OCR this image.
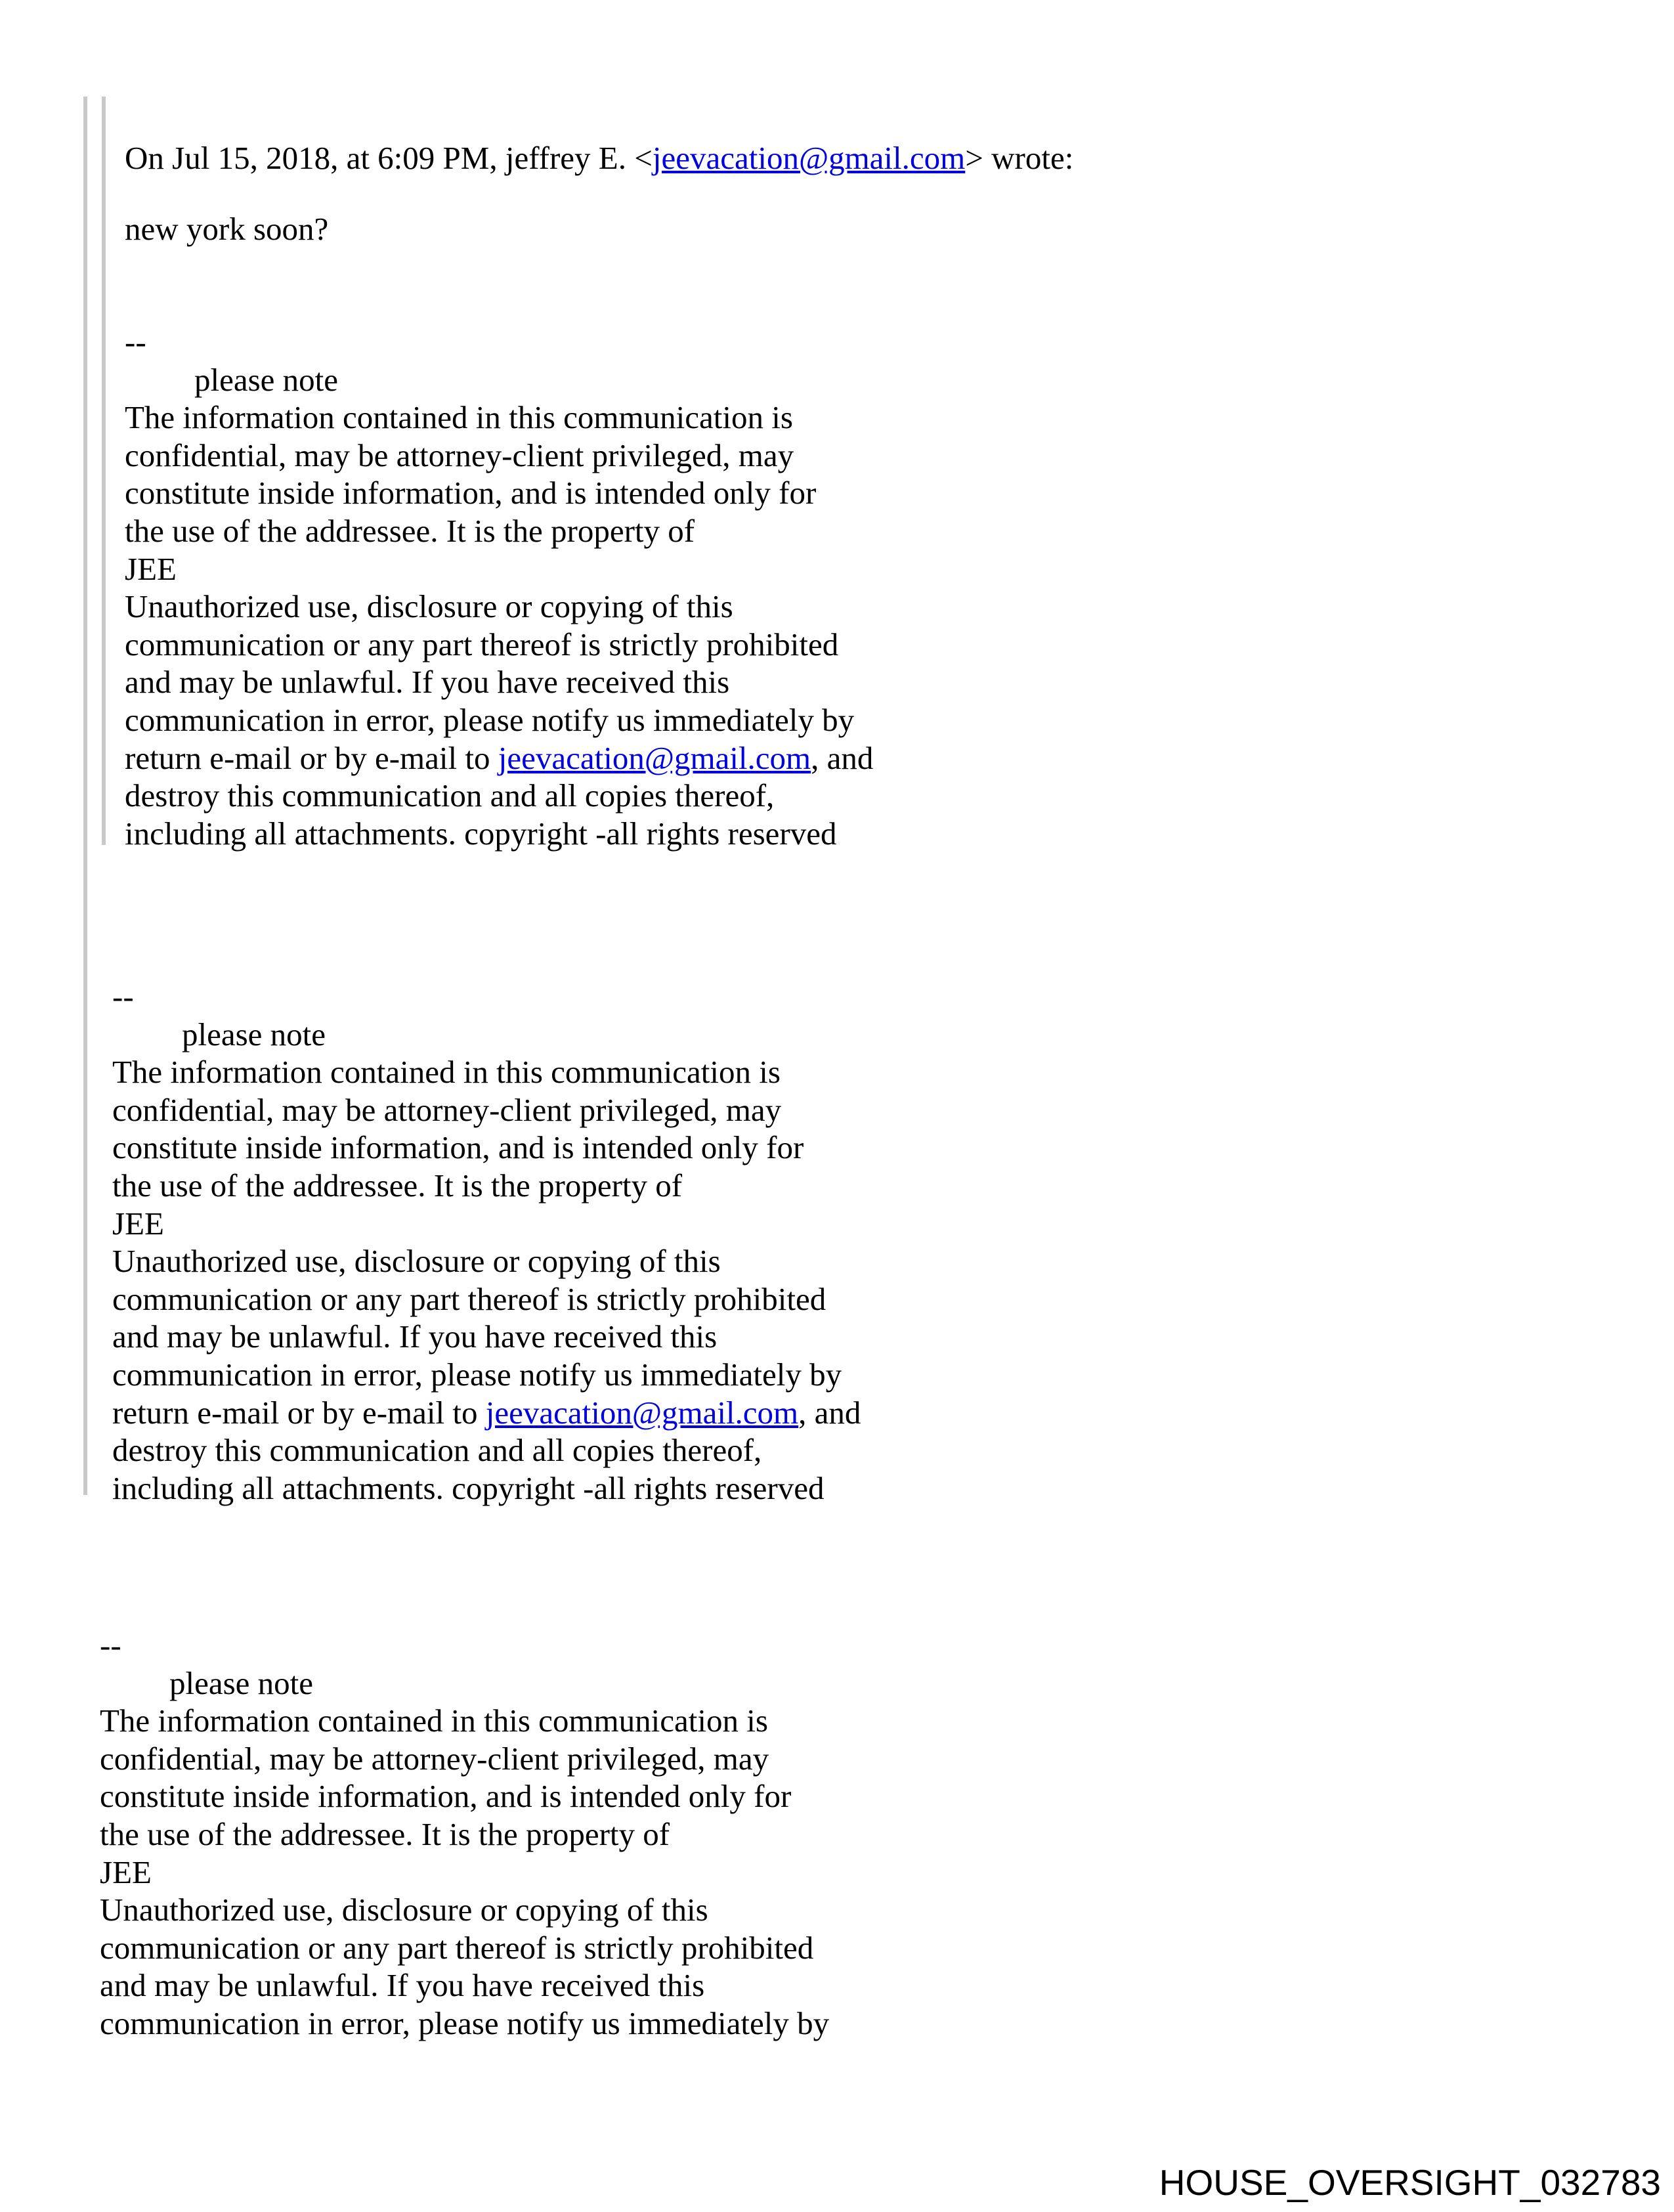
On Jul 15, 2018, at 6:09 PM, jeffrey E. <jeevacation@gmail.com> wrote:
new york soon?
--
please note
The information contained in this communication is
confidential, may be attorney-client privileged, may
constitute inside information, and is intended only for
the use of the addressee. It is the property of
JEE
Unauthorized use, disclosure or copying of this
communication or any part thereof is strictly prohibited
and may be unlawful. If you have received this
communication in error, please notify us immediately by
return e-mail or by e-mail to jeevacation@gmail.com, and
destroy this communication and all copies thereof,
including all attachments. copyright -all rights reserved
--
please note
The information contained in this communication is
confidential, may be attorney-client privileged, may
constitute inside information, and is intended only for
the use of the addressee. It is the property of
JEE
Unauthorized use, disclosure or copying of this
communication or any part thereof is strictly prohibited
and may be unlawful. If you have received this
communication in error, please notify us immediately by
return e-mail or by e-mail to jeevacation@gmail.com, and
destroy this communication and all copies thereof,
including all attachments. copyright -all rights reserved
--
please note
The information contained in this communication is
confidential, may be attorney-client privileged, may
constitute inside information, and is intended only for
the use of the addressee. It is the property of
JEE
Unauthorized use, disclosure or copying of this
communication or any part thereof is strictly prohibited
and may be unlawful. If you have received this
communication in error, please notify us immediately by
HOUSE_OVERSIGHT_032783
